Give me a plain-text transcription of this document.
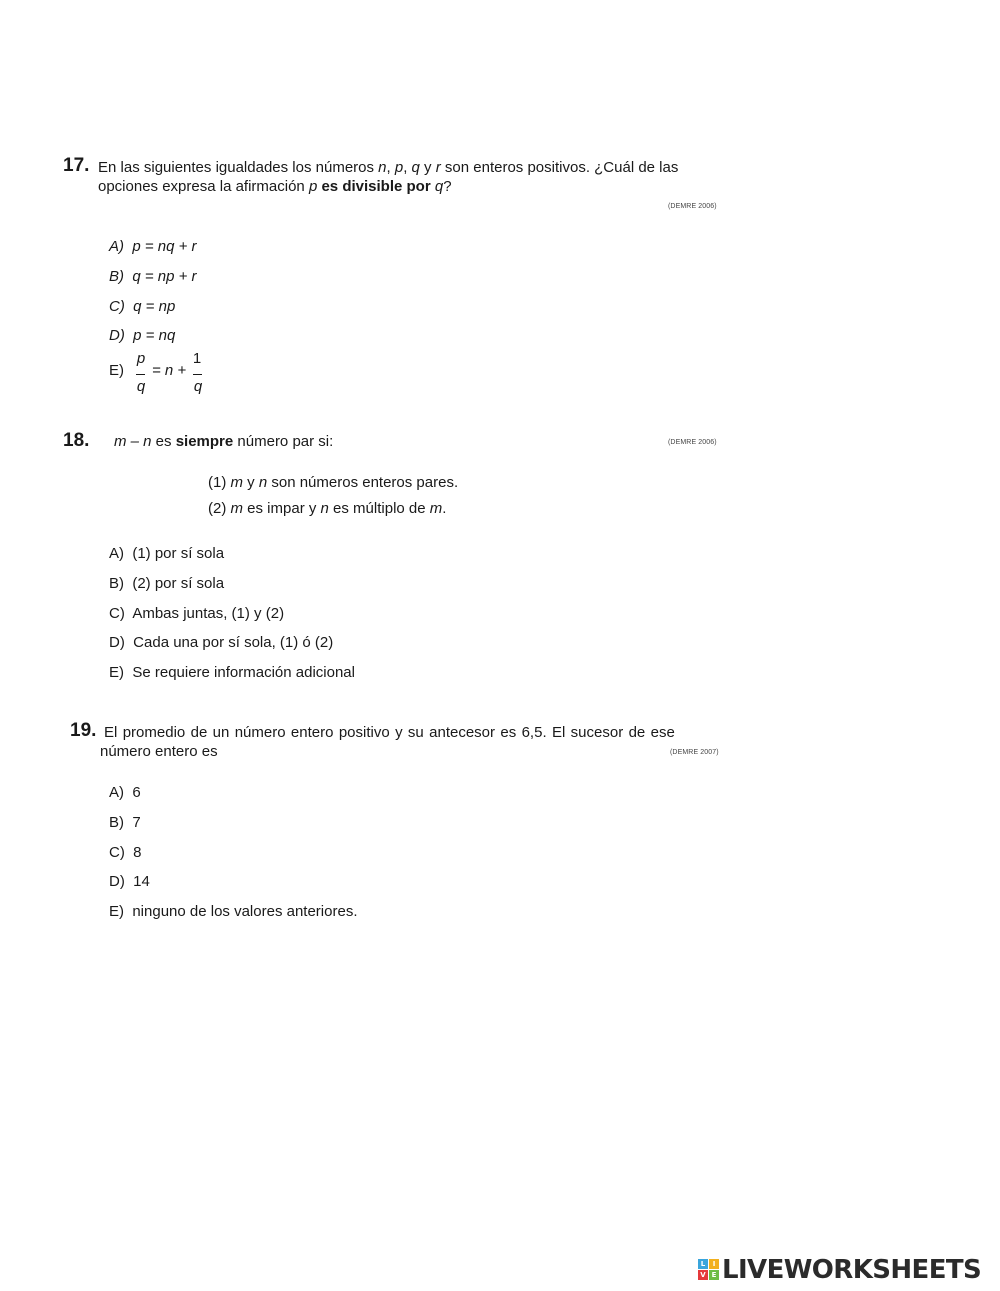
17. En las siguientes igualdades los números n, p, q y r son enteros positivos. ¿Cuál de las
opciones expresa la afirmación p es divisible por q?
(DEMRE 2006)
A) p = nq + r
B) q = np + r
C) q = np
D) p = nq
E)
p
q
= n +
1
q
18. m – n es siempre número par si:	(DEMRE 2006)
(1) m y n son números enteros pares.
(2) m es impar y n es múltiplo de m.
A) (1) por sí sola
B) (2) por sí sola
C) Ambas juntas, (1) y (2)
D) Cada una por sí sola, (1) ó (2)
E) Se requiere información adicional
19. El promedio de un número entero positivo y su antecesor es 6,5. El sucesor de ese
número entero es	(DEMRE 2007)
A) 6
B) 7
C) 8
D) 14
E) ninguno de los valores anteriores.
L	I
V E LIVEWORKSHEETS
